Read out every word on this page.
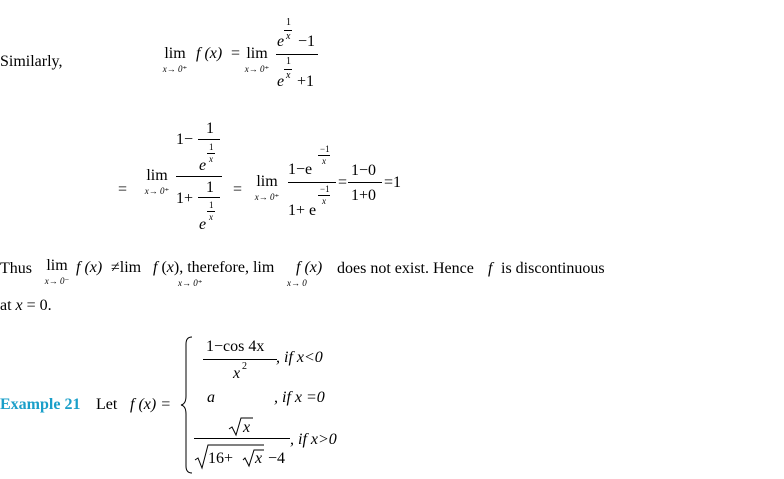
Similarly,	lim
x→ 0⁺
f (x) = lim
x→ 0⁺
1
x
e −1
1
x
e +1
=
lim
x→ 0⁺
1−
1
1
x
e
1+
1
1
x
e
= lim
x→ 0⁺
−1
x
1−e
−1
x
1+ e
=
1−0
1+0
=1
Thus lim
x→ 0⁻
f (x) ≠lim
x→ 0⁺
f (x), therefore, lim
x→ 0
f (x) does not exist. Hence f is discontinuous
at x = 0.
Example 21 Let f (x) =
1−cos 4x
x 2
, if x<0
a	, if x =0
x
16+ x −4
, if x>0
